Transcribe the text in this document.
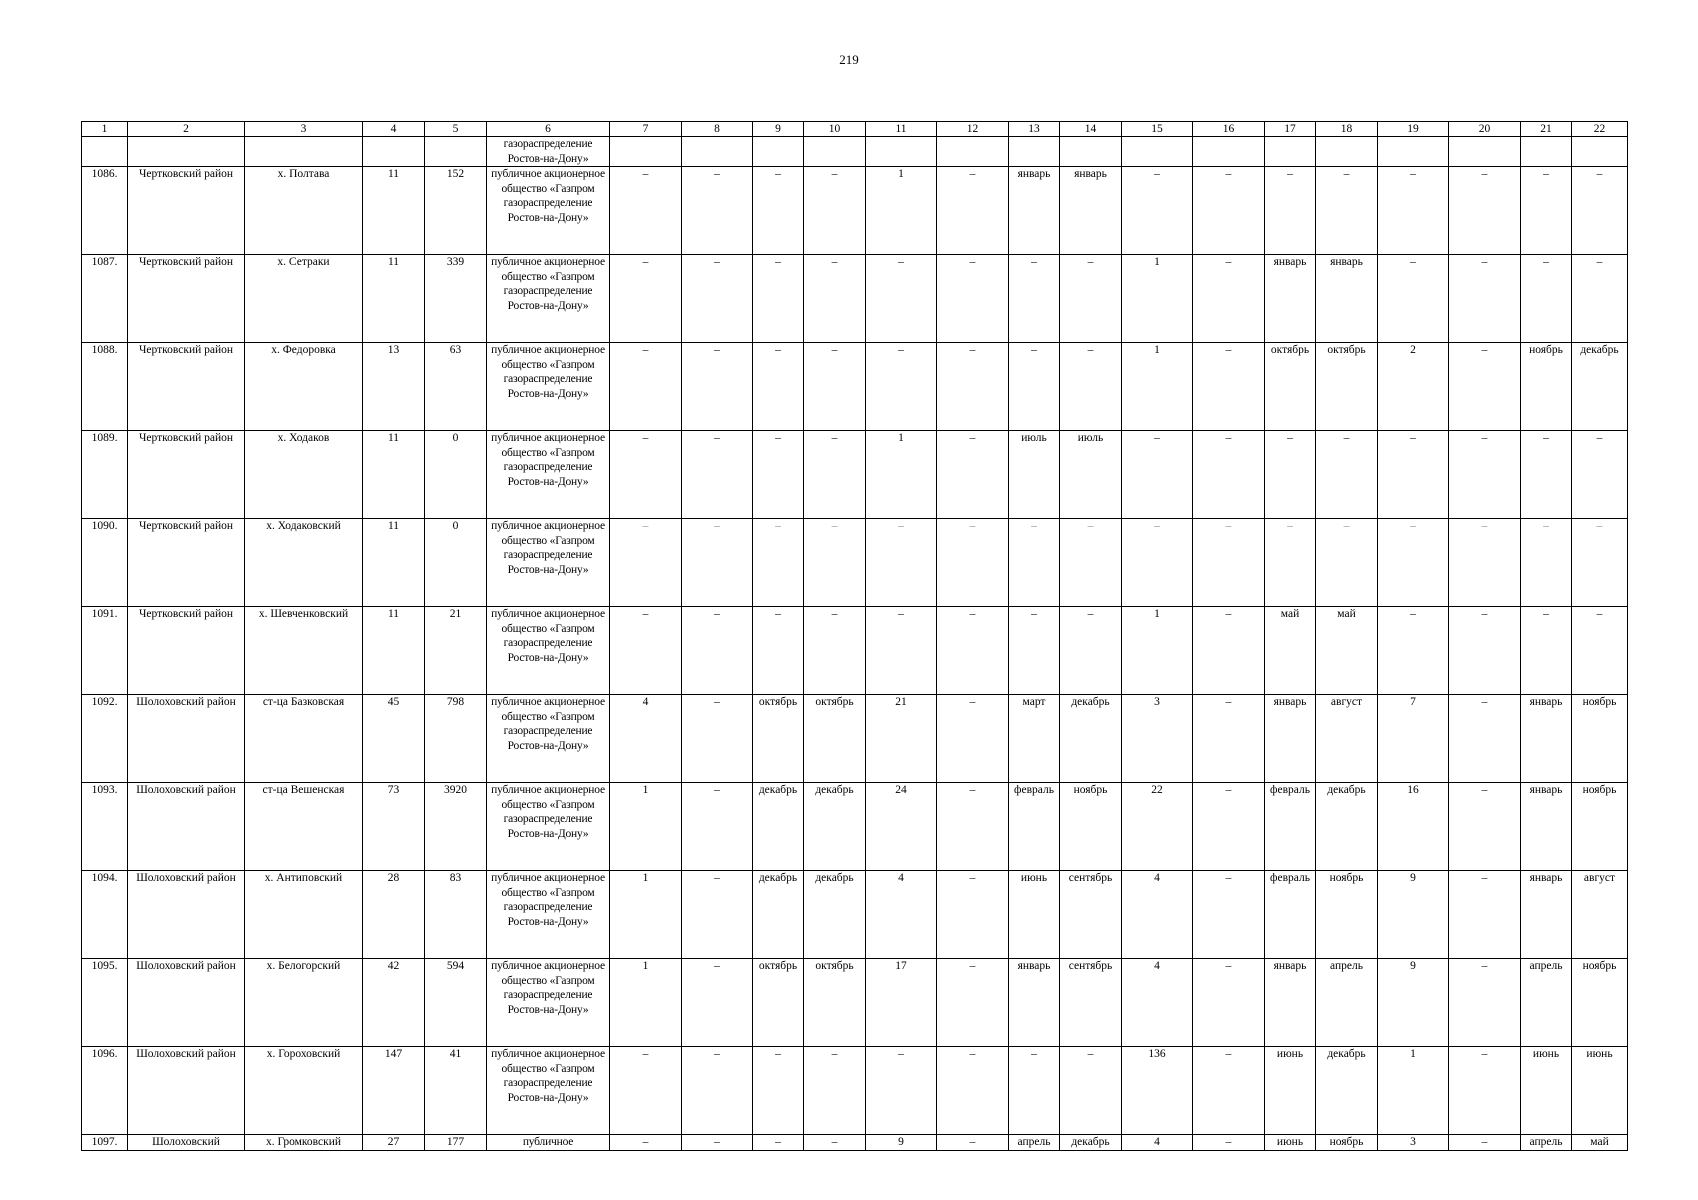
219
1	2	3	4	5	6	7	8	9	10	11	12	13	14	15	16	17	18	19	20	21	22
					газораспределение Ростов-на-Дону»																
1086.	Чертковский район	х. Полтава	11	152	публичное акционерное общество «Газпром газораспределение Ростов-на-Дону»	–	–	–	–	1	–	январь	январь	–	–	–	–	–	–	–	–
1087.	Чертковский район	х. Сетраки	11	339	публичное акционерное общество «Газпром газораспределение Ростов-на-Дону»	–	–	–	–	–	–	–	–	1	–	январь	январь	–	–	–	–
1088.	Чертковский район	х. Федоровка	13	63	публичное акционерное общество «Газпром газораспределение Ростов-на-Дону»	–	–	–	–	–	–	–	–	1	–	октябрь	октябрь	2	–	ноябрь	декабрь
1089.	Чертковский район	х. Ходаков	11	0	публичное акционерное общество «Газпром газораспределение Ростов-на-Дону»	–	–	–	–	1	–	июль	июль	–	–	–	–	–	–	–	–
1090.	Чертковский район	х. Ходаковский	11	0	публичное акционерное общество «Газпром газораспределение Ростов-на-Дону»	–	–	–	–	–	–	–	–	–	–	–	–	–	–	–	–
1091.	Чертковский район	х. Шевченковский	11	21	публичное акционерное общество «Газпром газораспределение Ростов-на-Дону»	–	–	–	–	–	–	–	–	1	–	май	май	–	–	–	–
1092.	Шолоховский район	ст-ца Базковская	45	798	публичное акционерное общество «Газпром газораспределение Ростов-на-Дону»	4	–	октябрь	октябрь	21	–	март	декабрь	3	–	январь	август	7	–	январь	ноябрь
1093.	Шолоховский район	ст-ца Вешенская	73	3920	публичное акционерное общество «Газпром газораспределение Ростов-на-Дону»	1	–	декабрь	декабрь	24	–	февраль	ноябрь	22	–	февраль	декабрь	16	–	январь	ноябрь
1094.	Шолоховский район	х. Антиповский	28	83	публичное акционерное общество «Газпром газораспределение Ростов-на-Дону»	1	–	декабрь	декабрь	4	–	июнь	сентябрь	4	–	февраль	ноябрь	9	–	январь	август
1095.	Шолоховский район	х. Белогорский	42	594	публичное акционерное общество «Газпром газораспределение Ростов-на-Дону»	1	–	октябрь	октябрь	17	–	январь	сентябрь	4	–	январь	апрель	9	–	апрель	ноябрь
1096.	Шолоховский район	х. Гороховский	147	41	публичное акционерное общество «Газпром газораспределение Ростов-на-Дону»	–	–	–	–	–	–	–	–	136	–	июнь	декабрь	1	–	июнь	июнь
1097.	Шолоховский	х. Громковский	27	177	публичное	–	–	–	–	9	–	апрель	декабрь	4	–	июнь	ноябрь	3	–	апрель	май
